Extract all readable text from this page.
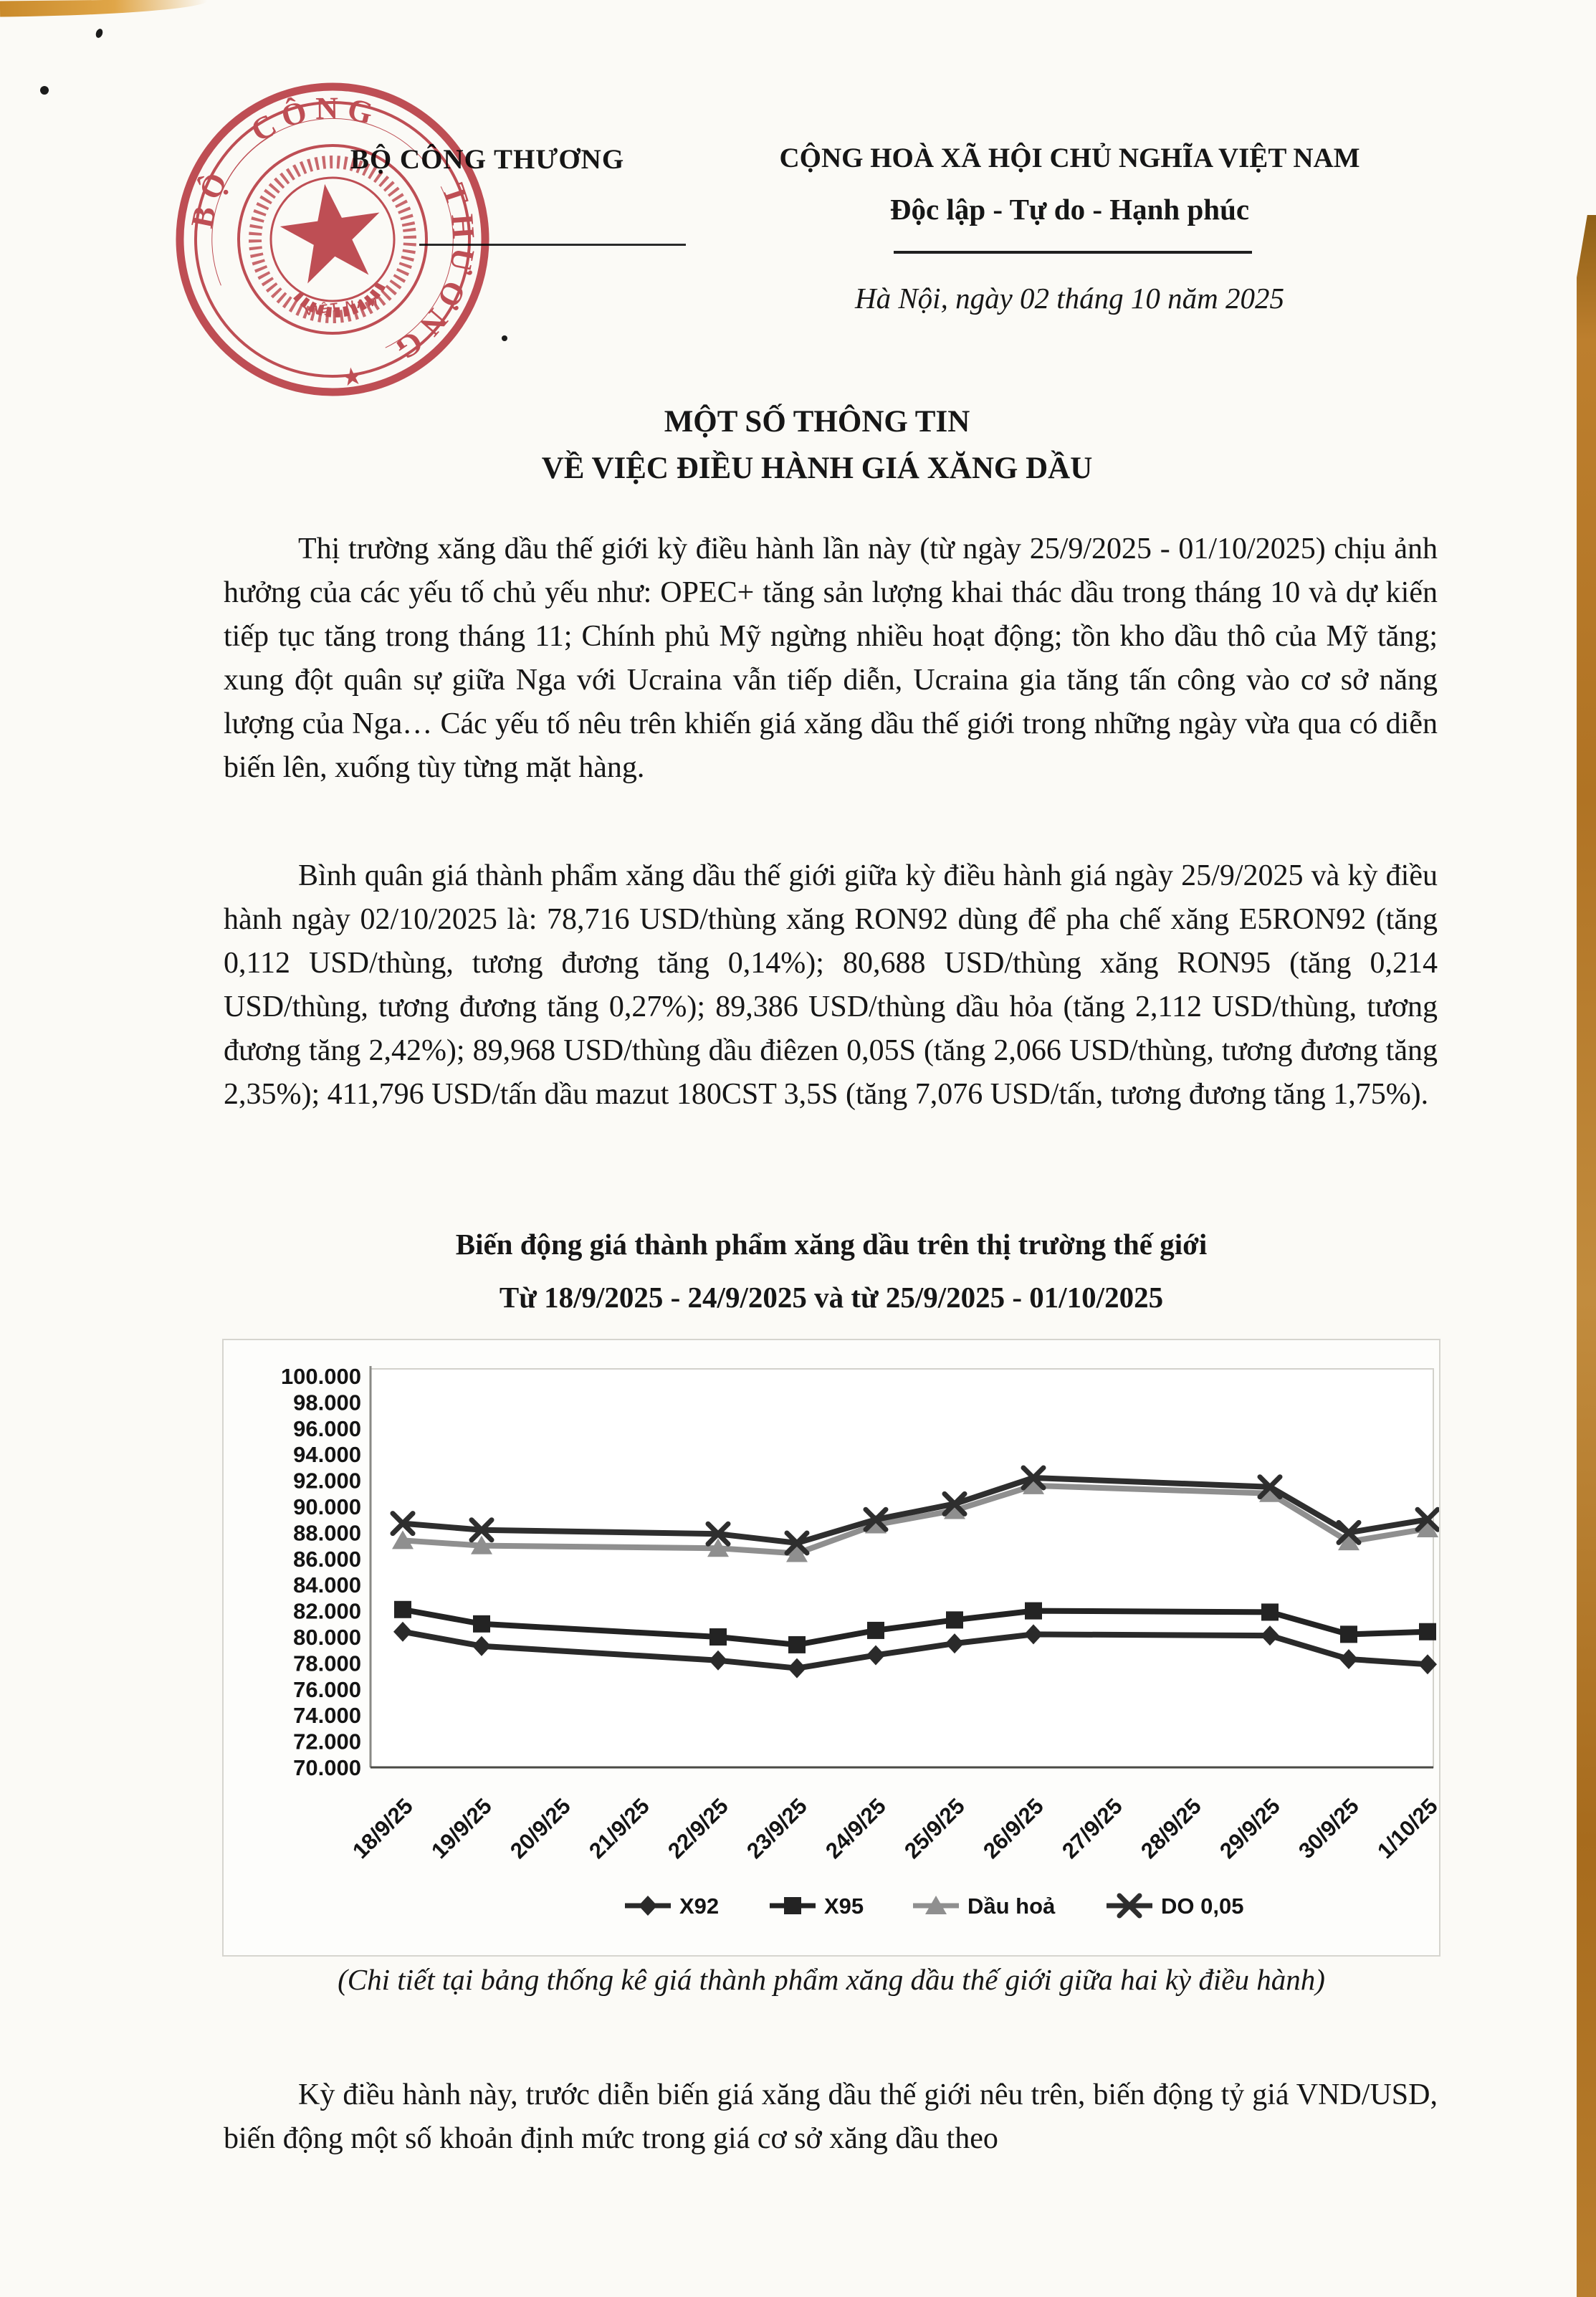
BỘ CÔNG THƯƠNG	CỘNG HOÀ XÃ HỘI CHỦ NGHĨA VIỆT NAM
Độc lập - Tự do - Hạnh phúc
Hà Nội, ngày 02 tháng 10 năm 2025
CÔNG
THƯƠNG
BỘ
★
VIỆT NAM
MỘT SỐ THÔNG TIN
VỀ VIỆC ĐIỀU HÀNH GIÁ XĂNG DẦU

Thị trường xăng dầu thế giới kỳ điều hành lần này (từ ngày 25/9/2025 - 01/10/2025) chịu ảnh hưởng của các yếu tố chủ yếu như: OPEC+ tăng sản lượng khai thác dầu trong tháng 10 và dự kiến tiếp tục tăng trong tháng 11; Chính phủ Mỹ ngừng nhiều hoạt động; tồn kho dầu thô của Mỹ tăng; xung đột quân sự giữa Nga với Ucraina vẫn tiếp diễn, Ucraina gia tăng tấn công vào cơ sở năng lượng của Nga… Các yếu tố nêu trên khiến giá xăng dầu thế giới trong những ngày vừa qua có diễn biến lên, xuống tùy từng mặt hàng.

Bình quân giá thành phẩm xăng dầu thế giới giữa kỳ điều hành giá ngày 25/9/2025 và kỳ điều hành ngày 02/10/2025 là: 78,716 USD/thùng xăng RON92 dùng để pha chế xăng E5RON92 (tăng 0,112 USD/thùng, tương đương tăng 0,14%); 80,688 USD/thùng xăng RON95 (tăng 0,214 USD/thùng, tương đương tăng 0,27%); 89,386 USD/thùng dầu hỏa (tăng 2,112 USD/thùng, tương đương tăng 2,42%); 89,968 USD/thùng dầu điêzen 0,05S (tăng 2,066 USD/thùng, tương đương tăng 2,35%); 411,796 USD/tấn dầu mazut 180CST 3,5S (tăng 7,076 USD/tấn, tương đương tăng 1,75%).

Biến động giá thành phẩm xăng dầu trên thị trường thế giới
Từ 18/9/2025 - 24/9/2025 và từ 25/9/2025 - 01/10/2025
100.000
98.000
96.000
94.000
92.000
90.000
88.000
86.000
84.000
82.000
80.000
78.000
76.000
74.000
72.000
70.000
18/9/25 19/9/25 20/9/25 21/9/25 22/9/25 23/9/25 24/9/25 25/9/25 26/9/25 27/9/25 28/9/25 29/9/25 30/9/25 1/10/25
X92	X95	Dầu hoả	DO 0,05
(Chi tiết tại bảng thống kê giá thành phẩm xăng dầu thế giới giữa hai kỳ điều hành)

Kỳ điều hành này, trước diễn biến giá xăng dầu thế giới nêu trên, biến động tỷ giá VND/USD, biến động một số khoản định mức trong giá cơ sở xăng dầu theo
